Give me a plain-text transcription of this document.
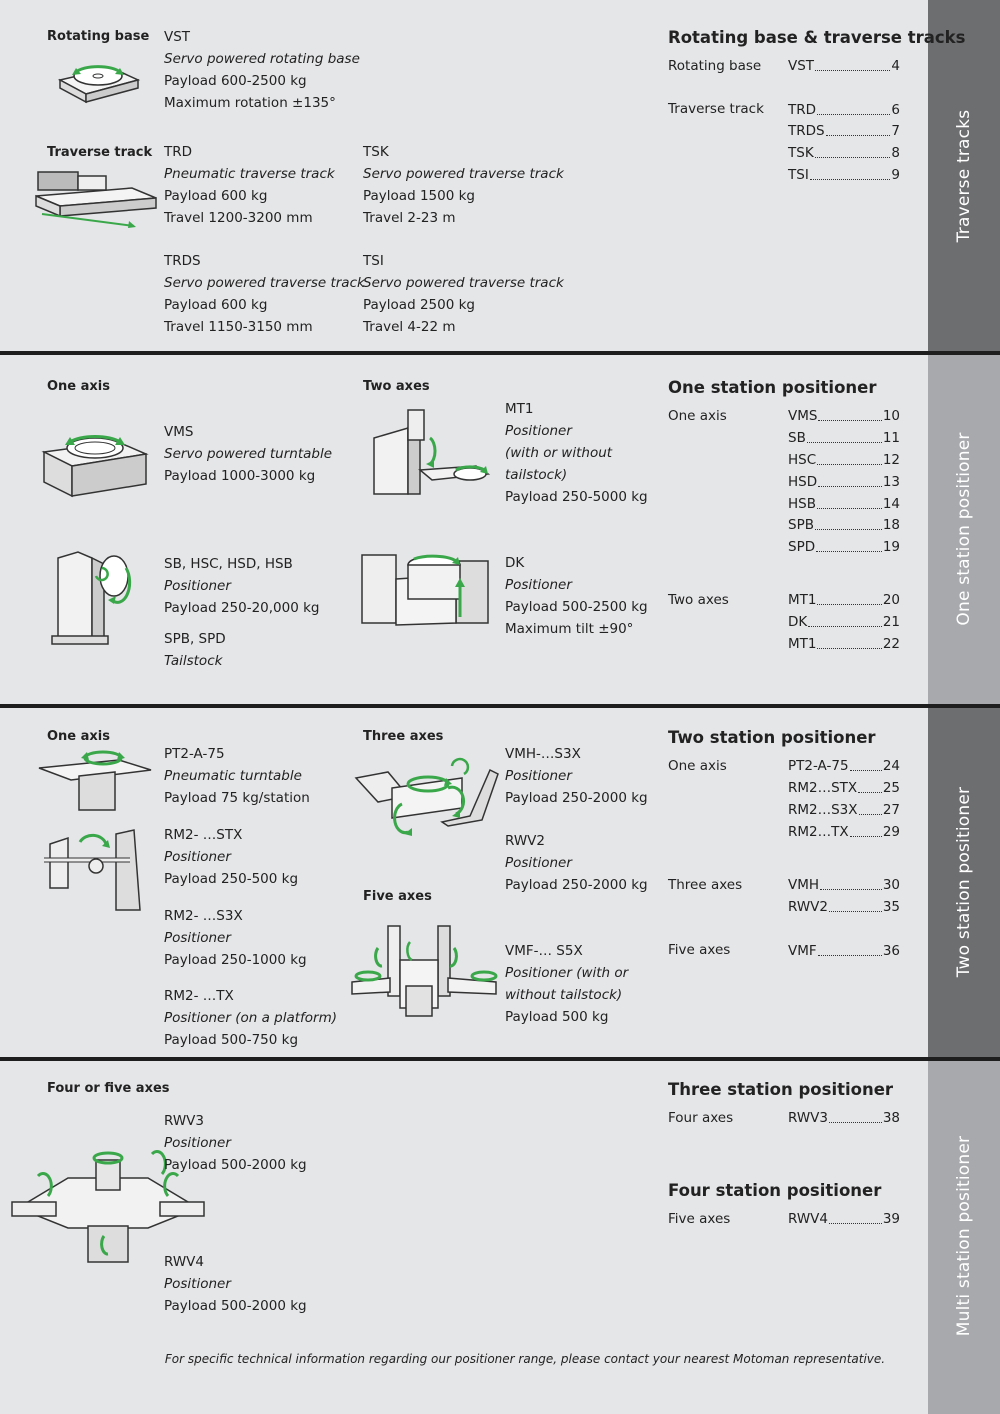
Traverse tracks
One station positioner
Two station positioner
Multi station positioner
Rotating base VST
Servo powered rotating base
Payload 600-2500 kg
Maximum rotation ±135°
Traverse track TRD
Pneumatic traverse track
Payload 600 kg
Travel 1200-3200 mm
TSK
Servo powered traverse track
Payload 1500 kg
Travel 2-23 m
TRDS
Servo powered traverse track
Payload 600 kg
Travel 1150-3150 mm
TSI
Servo powered traverse track
Payload 2500 kg
Travel 4-22 m
Rotating base & traverse tracks
Rotating base VST	4
Traverse track TRD	6
TRDS	7
TSK	8
TSI	9
One axis	Two axes
VMS
Servo powered turntable
Payload 1000-3000 kg
SB, HSC, HSD, HSB
Positioner
Payload 250-20,000 kg
SPB, SPD
Tailstock
MT1
Positioner
(with or without
tailstock)
Payload 250-5000 kg
DK
Positioner
Payload 500-2500 kg
Maximum tilt ±90°
One station positioner
One axis	VMS	10
SB	11
HSC	12
HSD	13
HSB	14
SPB	18
SPD	19
Two axes	MT1	20
DK	21
MT1	22
One axis	Three axes
Five axes
PT2-A-75
Pneumatic turntable
Payload 75 kg/station
RM2- …STX
Positioner
Payload 250-500 kg
RM2- …S3X
Positioner
Payload 250-1000 kg
RM2- …TX
Positioner (on a platform)
Payload 500-750 kg
VMH-…S3X
Positioner
Payload 250-2000 kg
RWV2
Positioner
Payload 250-2000 kg
VMF-… S5X
Positioner (with or
without tailstock)
Payload 500 kg
Two station positioner
One axis	PT2-A-75	24
RM2…STX 25
RM2…S3X 27
RM2…TX	29
Three axes	VMH	30
RWV2	35
Five axes	VMF	36
Four or five axes
RWV3
Positioner
Payload 500-2000 kg
RWV4
Positioner
Payload 500-2000 kg
Three station positioner
Four axes	RWV3	38
Four station positioner
Five axes	RWV4	39
For specific technical information regarding our positioner range, please contact your nearest Motoman representative.
